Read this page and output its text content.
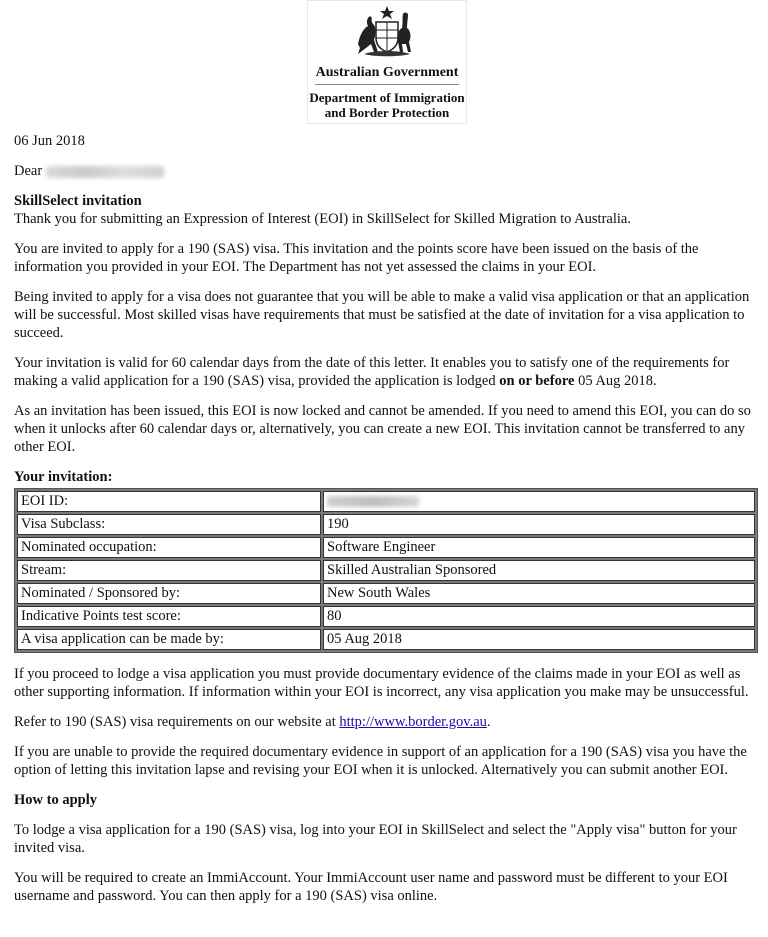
Australian Government
Department of Immigration
and Border Protection

06 Jun 2018

Dear

SkillSelect invitation

Thank you for submitting an Expression of Interest (EOI) in SkillSelect for Skilled Migration to Australia.

You are invited to apply for a 190 (SAS) visa. This invitation and the points score have been issued on the basis of the information you provided in your EOI. The Department has not yet assessed the claims in your EOI.

Being invited to apply for a visa does not guarantee that you will be able to make a valid visa application or that an application will be successful. Most skilled visas have requirements that must be satisfied at the date of invitation for a visa application to succeed.

Your invitation is valid for 60 calendar days from the date of this letter. It enables you to satisfy one of the requirements for making a valid application for a 190 (SAS) visa, provided the application is lodged on or before 05 Aug 2018.

As an invitation has been issued, this EOI is now locked and cannot be amended. If you need to amend this EOI, you can do so when it unlocks after 60 calendar days or, alternatively, you can create a new EOI. This invitation cannot be transferred to any other EOI.

Your invitation:
EOI ID:	
Visa Subclass:	190
Nominated occupation:	Software Engineer
Stream:	Skilled Australian Sponsored
Nominated / Sponsored by:	New South Wales
Indicative Points test score:	80
A visa application can be made by:	05 Aug 2018

If you proceed to lodge a visa application you must provide documentary evidence of the claims made in your EOI as well as other supporting information. If information within your EOI is incorrect, any visa application you make may be unsuccessful.

Refer to 190 (SAS) visa requirements on our website at http://www.border.gov.au.

If you are unable to provide the required documentary evidence in support of an application for a 190 (SAS) visa you have the option of letting this invitation lapse and revising your EOI when it is unlocked. Alternatively you can submit another EOI.

How to apply

To lodge a visa application for a 190 (SAS) visa, log into your EOI in SkillSelect and select the "Apply visa" button for your invited visa.

You will be required to create an ImmiAccount. Your ImmiAccount user name and password must be different to your EOI username and password. You can then apply for a 190 (SAS) visa online.
